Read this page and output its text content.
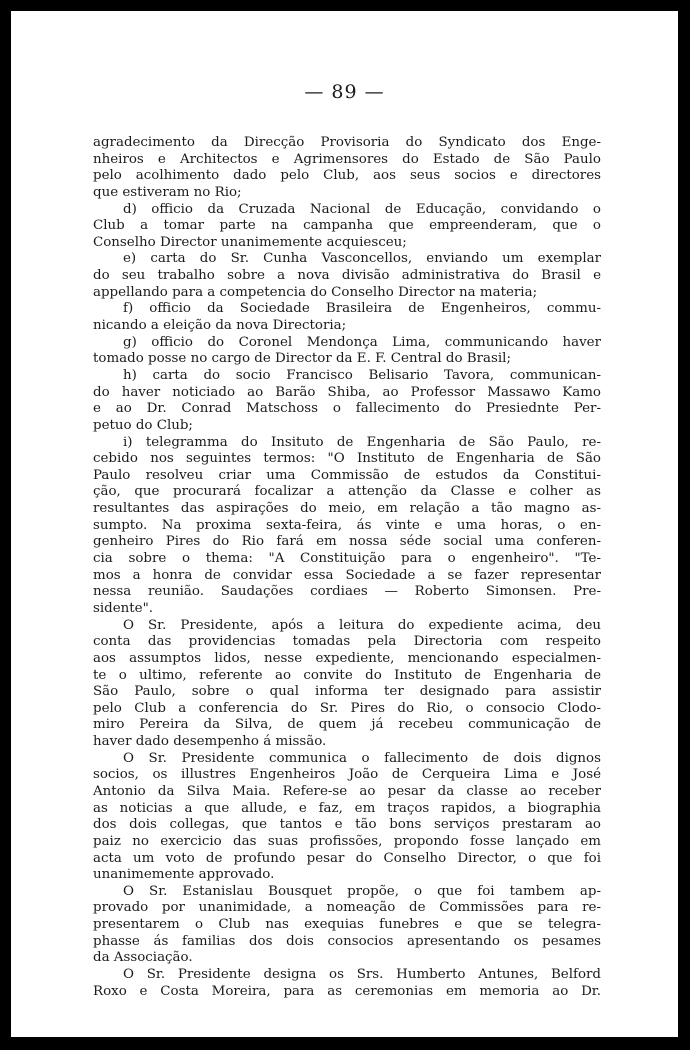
— 89 —
agradecimento da Direcção Provisoria do Syndicato dos Enge-
nheiros e Architectos e Agrimensores do Estado de São Paulo
pelo acolhimento dado pelo Club, aos seus socios e directores
que estiveram no Rio;
d) officio da Cruzada Nacional de Educação, convidando o
Club a tomar parte na campanha que empreenderam, que o
Conselho Director unanimemente acquiesceu;
e) carta do Sr. Cunha Vasconcellos, enviando um exemplar
do seu trabalho sobre a nova divisão administrativa do Brasil e
appellando para a competencia do Conselho Director na materia;
f) officio da Sociedade Brasileira de Engenheiros, commu-
nicando a eleição da nova Directoria;
g) officio do Coronel Mendonça Lima, communicando haver
tomado posse no cargo de Director da E. F. Central do Brasil;
h) carta do socio Francisco Belisario Tavora, communican-
do haver noticiado ao Barão Shiba, ao Professor Massawo Kamo
e ao Dr. Conrad Matschoss o fallecimento do Presiednte Per-
petuo do Club;
i) telegramma do Insituto de Engenharia de São Paulo, re-
cebido nos seguintes termos: "O Instituto de Engenharia de São
Paulo resolveu criar uma Commissão de estudos da Constitui-
ção, que procurará focalizar a attenção da Classe e colher as
resultantes das aspirações do meio, em relação a tão magno as-
sumpto. Na proxima sexta-feira, ás vinte e uma horas, o en-
genheiro Pires do Rio fará em nossa séde social uma conferen-
cia sobre o thema: "A Constituição para o engenheiro". "Te-
mos a honra de convidar essa Sociedade a se fazer representar
nessa reunião. Saudações cordiaes — Roberto Simonsen. Pre-
sidente".
O Sr. Presidente, após a leitura do expediente acima, deu
conta das providencias tomadas pela Directoria com respeito
aos assumptos lidos, nesse expediente, mencionando especialmen-
te o ultimo, referente ao convite do Instituto de Engenharia de
São Paulo, sobre o qual informa ter designado para assistir
pelo Club a conferencia do Sr. Pires do Rio, o consocio Clodo-
miro Pereira da Silva, de quem já recebeu communicação de
haver dado desempenho á missão.
O Sr. Presidente communica o fallecimento de dois dignos
socios, os illustres Engenheiros João de Cerqueira Lima e José
Antonio da Silva Maia. Refere-se ao pesar da classe ao receber
as noticias a que allude, e faz, em traços rapidos, a biographia
dos dois collegas, que tantos e tão bons serviços prestaram ao
paiz no exercicio das suas profissões, propondo fosse lançado em
acta um voto de profundo pesar do Conselho Director, o que foi
unanimemente approvado.
O Sr. Estanislau Bousquet propõe, o que foi tambem ap-
provado por unanimidade, a nomeação de Commissões para re-
presentarem o Club nas exequias funebres e que se telegra-
phasse ás familias dos dois consocios apresentando os pesames
da Associação.
O Sr. Presidente designa os Srs. Humberto Antunes, Belford
Roxo e Costa Moreira, para as ceremonias em memoria ao Dr.
